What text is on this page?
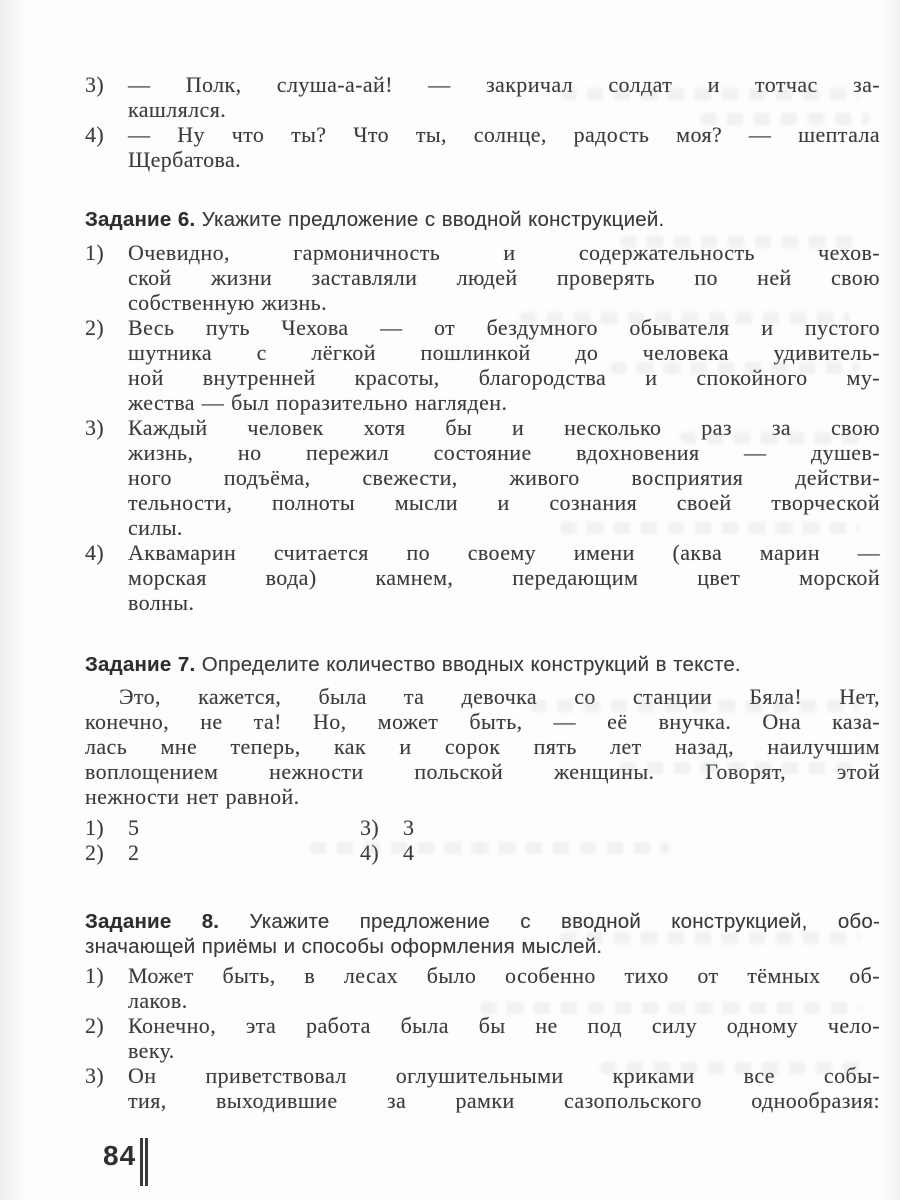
3)	— Полк, слуша-а-ай! — закричал солдат и тотчас за-
кашлялся.
4)	— Ну что ты? Что ты, солнце, радость моя? — шептала
Щербатова.
Задание 6. Укажите предложение с вводной конструкцией.
1)	Очевидно, гармоничность и содержательность чехов-
ской жизни заставляли людей проверять по ней свою
собственную жизнь.
2)	Весь путь Чехова — от бездумного обывателя и пустого
шутника с лёгкой пошлинкой до человека удивитель-
ной внутренней красоты, благородства и спокойного му-
жества — был поразительно нагляден.
3)	Каждый человек хотя бы и несколько раз за свою
жизнь, но пережил состояние вдохновения — душев-
ного подъёма, свежести, живого восприятия действи-
тельности, полноты мысли и сознания своей творческой
силы.
4)	Аквамарин считается по своему имени (аква марин —
морская вода) камнем, передающим цвет морской
волны.
Задание 7. Определите количество вводных конструкций в тексте.
Это, кажется, была та девочка со станции Бяла! Нет,
конечно, не та! Но, может быть, — её внучка. Она каза-
лась мне теперь, как и сорок пять лет назад, наилучшим
воплощением нежности польской женщины. Говорят, этой
нежности нет равной.
1) 5	3) 3
2) 2	4) 4
Задание 8. Укажите предложение с вводной конструкцией, обо-
значающей приёмы и способы оформления мыслей.
1)	Может быть, в лесах было особенно тихо от тёмных об-
лаков.
2)	Конечно, эта работа была бы не под силу одному чело-
веку.
3)	Он приветствовал оглушительными криками все собы-
тия, выходившие за рамки сазопольского однообразия:
84
